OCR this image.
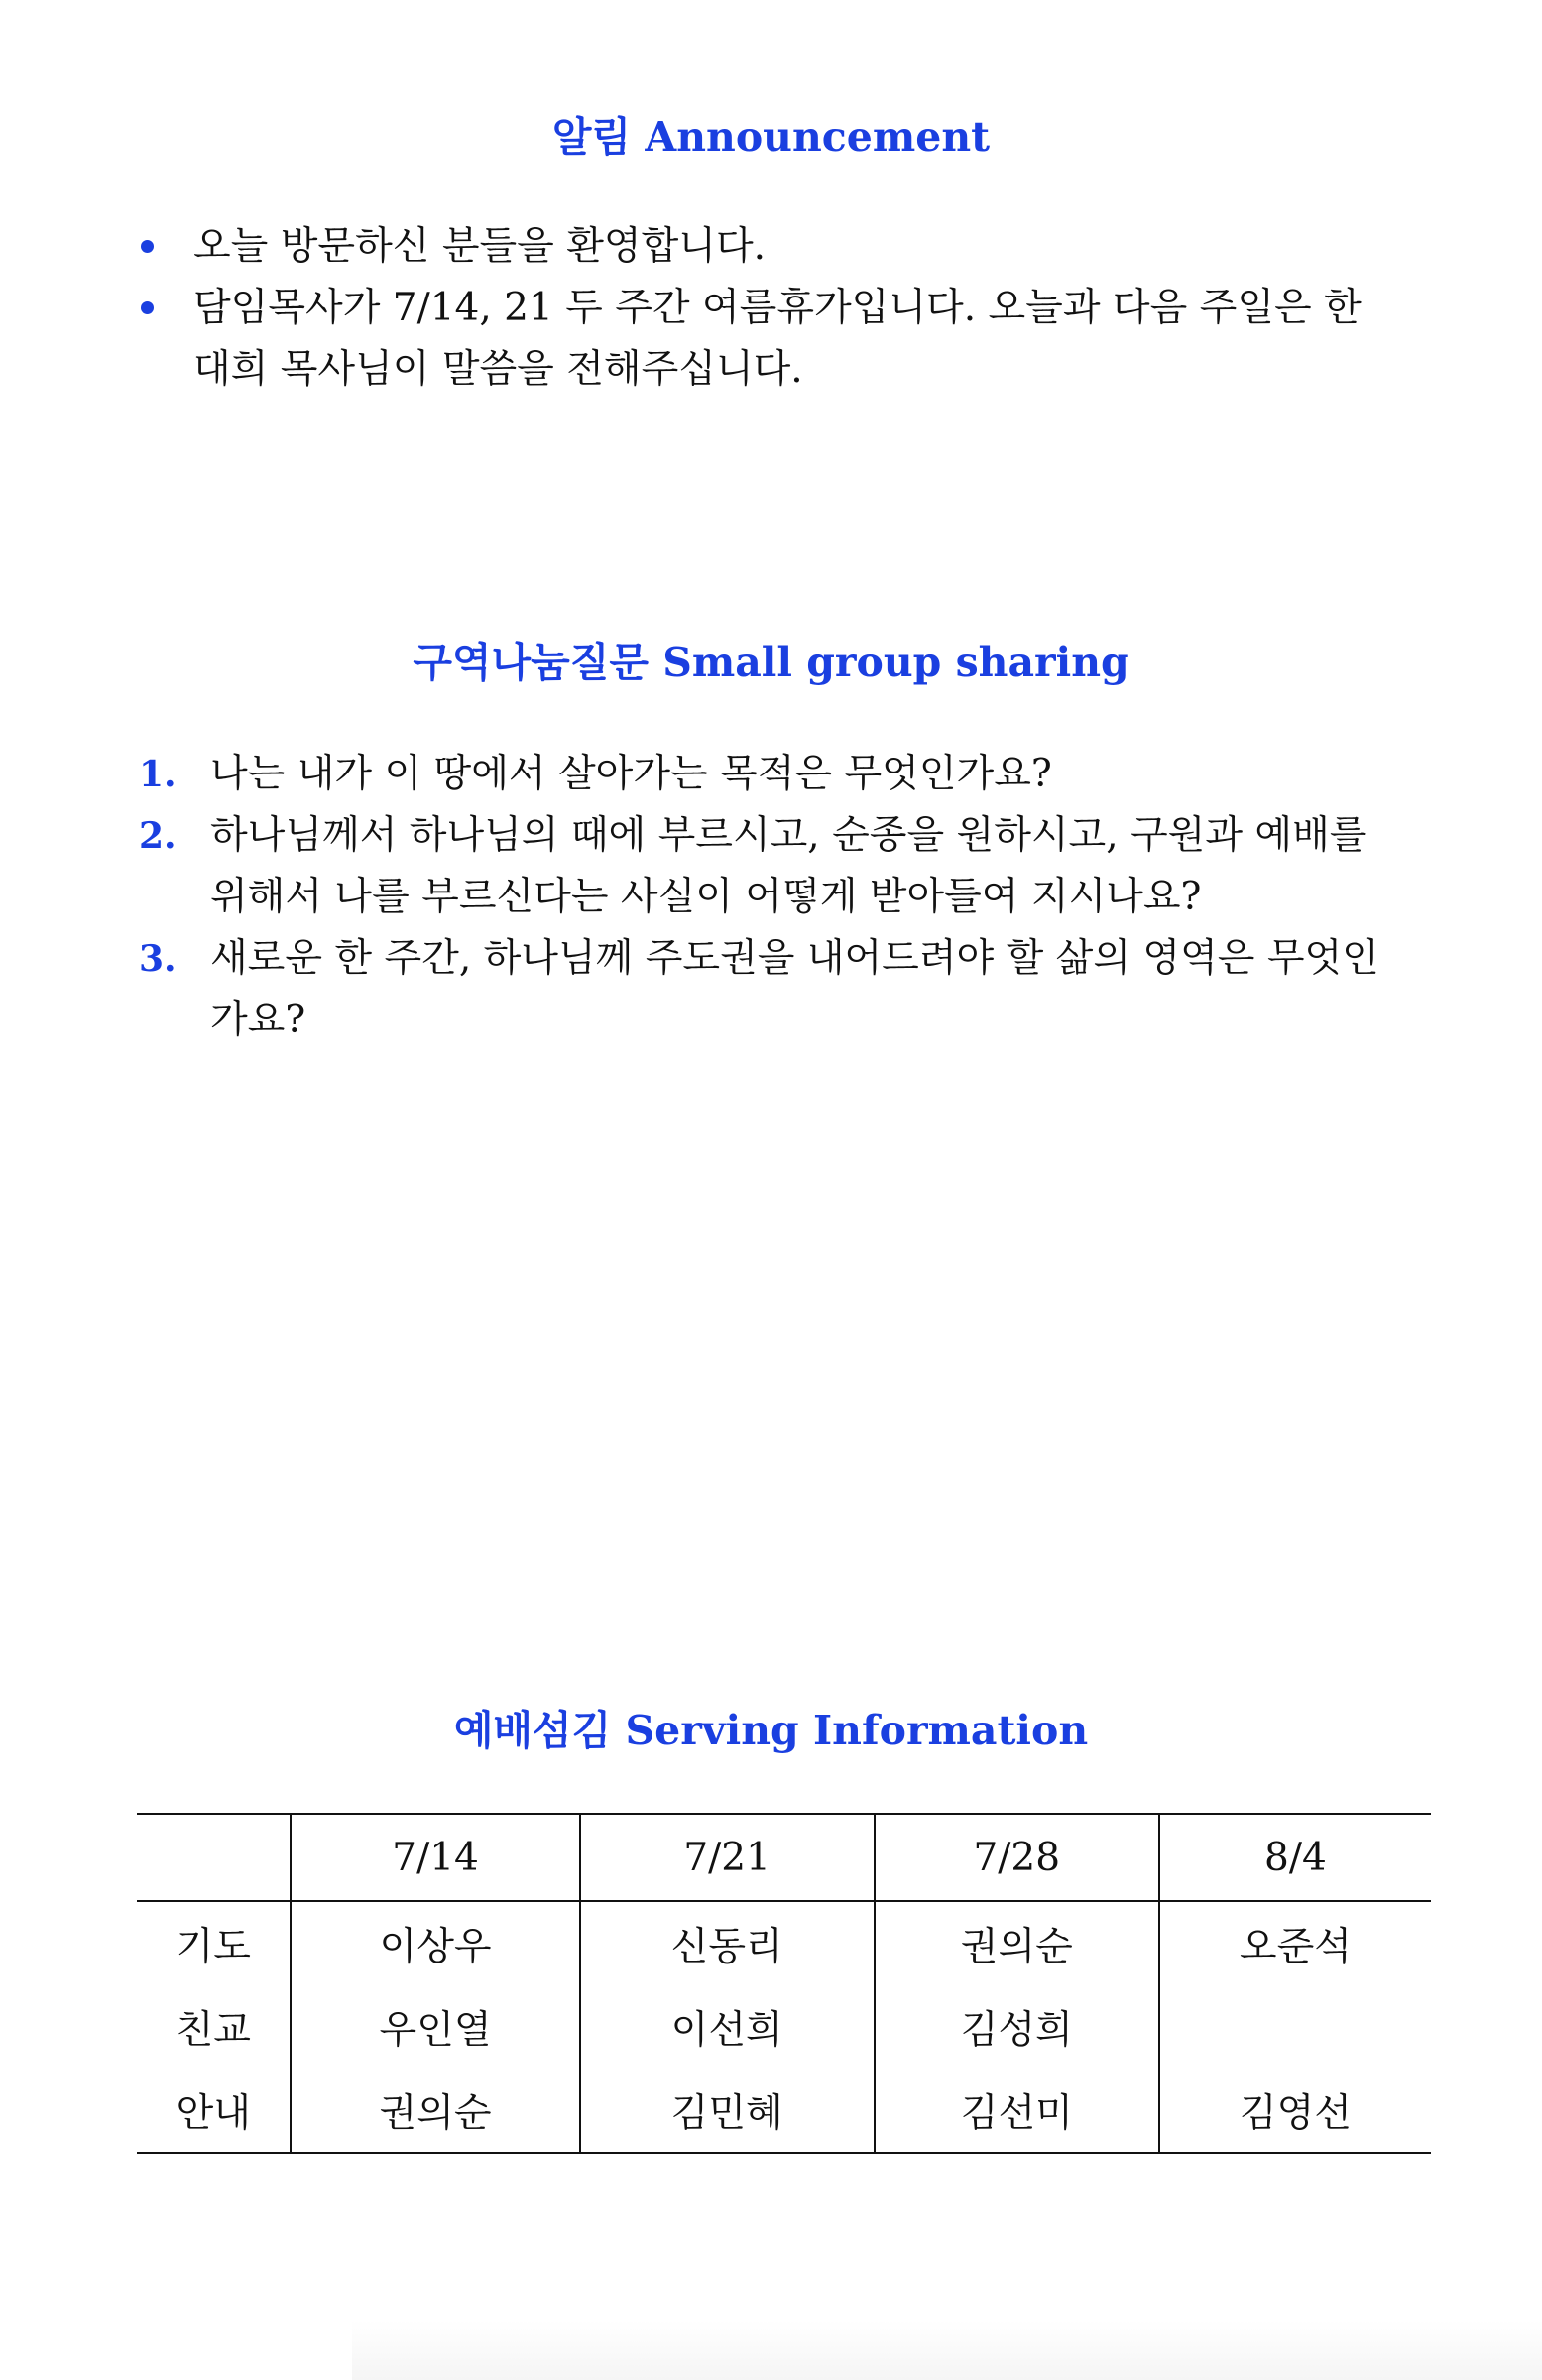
알림 Announcement
오늘 방문하신 분들을 환영합니다.
담임목사가 7/14, 21 두 주간 여름휴가입니다. 오늘과 다음 주일은 한대희 목사님이 말씀을 전해주십니다.
구역나눔질문 Small group sharing
1. 나는 내가 이 땅에서 살아가는 목적은 무엇인가요?
2. 하나님께서 하나님의 때에 부르시고, 순종을 원하시고, 구원과 예배를 위해서 나를 부르신다는 사실이 어떻게 받아들여 지시나요?
3. 새로운 한 주간, 하나님께 주도권을 내어드려야 할 삶의 영역은 무엇인가요?
예배섬김 Serving Information
	7/14	7/21	7/28	8/4
기도	이상우	신동리	권의순	오준석
친교	우인열	이선희	김성희	
안내	권의순	김민혜	김선미	김영선
